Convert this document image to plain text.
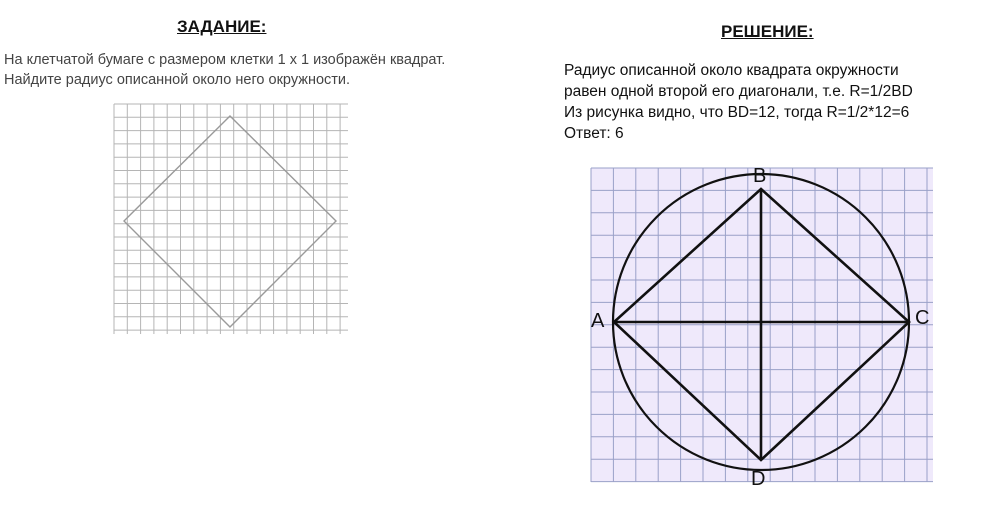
ЗАДАНИЕ:
На клетчатой бумаге с размером клетки 1 х 1 изображён квадрат.
Найдите радиус описанной около него окружности.
РЕШЕНИЕ:
Радиус описанной около квадрата окружности
равен одной второй его диагонали, т.е. R=1/2BD
Из рисунка видно, что BD=12, тогда R=1/2*12=6
Ответ: 6
A
B
C
D
